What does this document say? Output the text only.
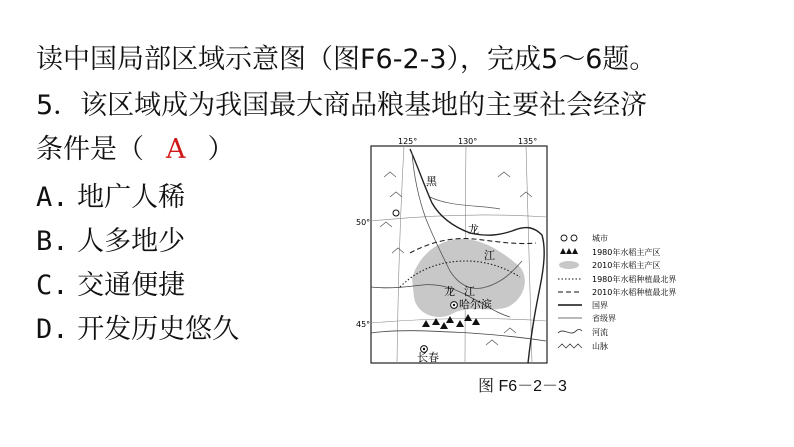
读中国局部区域示意图（图F6-2-3），完成5～6题。
5．该区域成为我国最大商品粮基地的主要社会经济
条件是（ A ）
A. 地广人稀
B. 人多地少
C. 交通便捷
D. 开发历史悠久
125°	130°	135°
50°
45°
黑
龙
江
龙 江
哈尔滨
长春
城市
1980年水稻主产区
2010年水稻主产区
1980年水稻种植最北界
2010年水稻种植最北界
国界
省级界
河流
山脉
图 F6－2－3
